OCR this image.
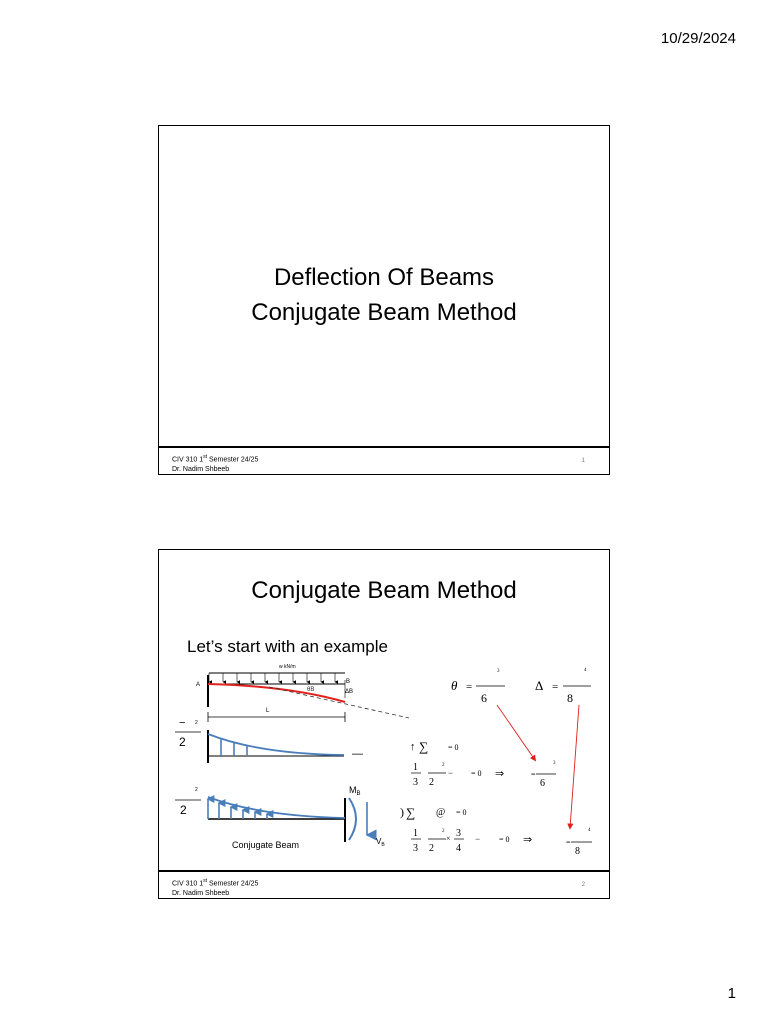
10/29/2024
Deflection Of Beams
Conjugate Beam Method
CIV 310 1st Semester 24/25
Dr. Nadim Shbeeb
1
Conjugate Beam Method
Let’s start with an example
w kN/m
A	B
θB	ΔB
L
− 2
2
—
2
2
$M_B$
$V_B$
Conjugate Beam
θ =
3
6
Δ =
4
8
↑ ∑ = 0
1
3
2
2
− = 0 ⇒	=
3
6
) ∑ @ = 0
1
3
2
2
× 3
4
− = 0 ⇒	=
4
8
CIV 310 1st Semester 24/25
Dr. Nadim Shbeeb
2
1
